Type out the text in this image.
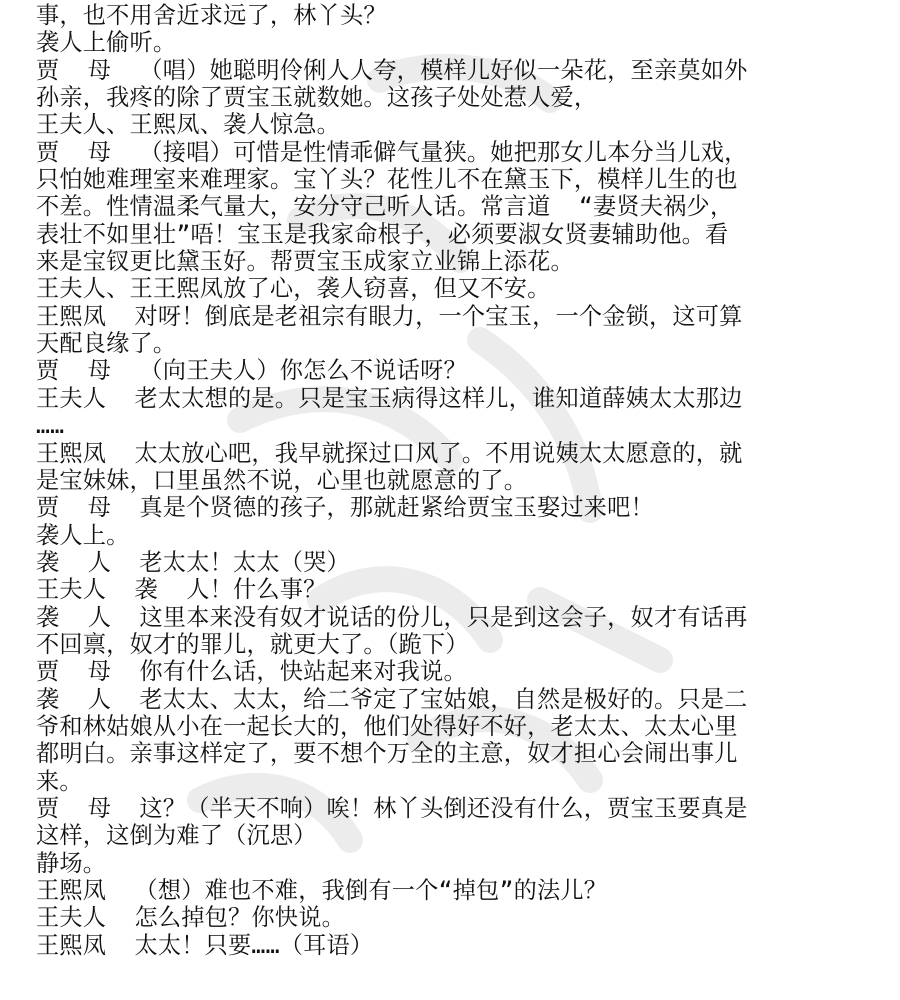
事，也不用舍近求远了，林丫头？
袭人上偷听。
贾  母  （唱）她聪明伶俐人人夸，模样儿好似一朵花，至亲莫如外
孙亲，我疼的除了贾宝玉就数她。这孩子处处惹人爱，
王夫人、王熙凤、袭人惊急。
贾  母  （接唱）可惜是性情乖僻气量狭。她把那女儿本分当儿戏，
只怕她难理室来难理家。宝丫头？花性儿不在黛玉下，模样儿生的也
不差。性情温柔气量大，安分守己听人话。常言道  “妻贤夫祸少，
表壮不如里壮”唔！宝玉是我家命根子，必须要淑女贤妻辅助他。看
来是宝钗更比黛玉好。帮贾宝玉成家立业锦上添花。
王夫人、王王熙凤放了心，袭人窃喜，但又不安。
王熙凤  对呀！倒底是老祖宗有眼力，一个宝玉，一个金锁，这可算
天配良缘了。
贾  母  （向王夫人）你怎么不说话呀？
王夫人  老太太想的是。只是宝玉病得这样儿，谁知道薛姨太太那边
……
王熙凤  太太放心吧，我早就探过口风了。不用说姨太太愿意的，就
是宝妹妹，口里虽然不说，心里也就愿意的了。
贾  母  真是个贤德的孩子，那就赶紧给贾宝玉娶过来吧！
袭人上。
袭  人  老太太！太太（哭）
王夫人  袭  人！什么事？
袭  人  这里本来没有奴才说话的份儿，只是到这会子，奴才有话再
不回禀，奴才的罪儿，就更大了。（跪下）
贾  母  你有什么话，快站起来对我说。
袭  人  老太太、太太，给二爷定了宝姑娘，自然是极好的。只是二
爷和林姑娘从小在一起长大的，他们处得好不好，老太太、太太心里
都明白。亲事这样定了，要不想个万全的主意，奴才担心会闹出事儿
来。
贾  母  这？（半天不响）唉！林丫头倒还没有什么，贾宝玉要真是
这样，这倒为难了（沉思）
静场。
王熙凤  （想）难也不难，我倒有一个“掉包”的法儿？
王夫人  怎么掉包？你快说。
王熙凤  太太！只要……（耳语）
